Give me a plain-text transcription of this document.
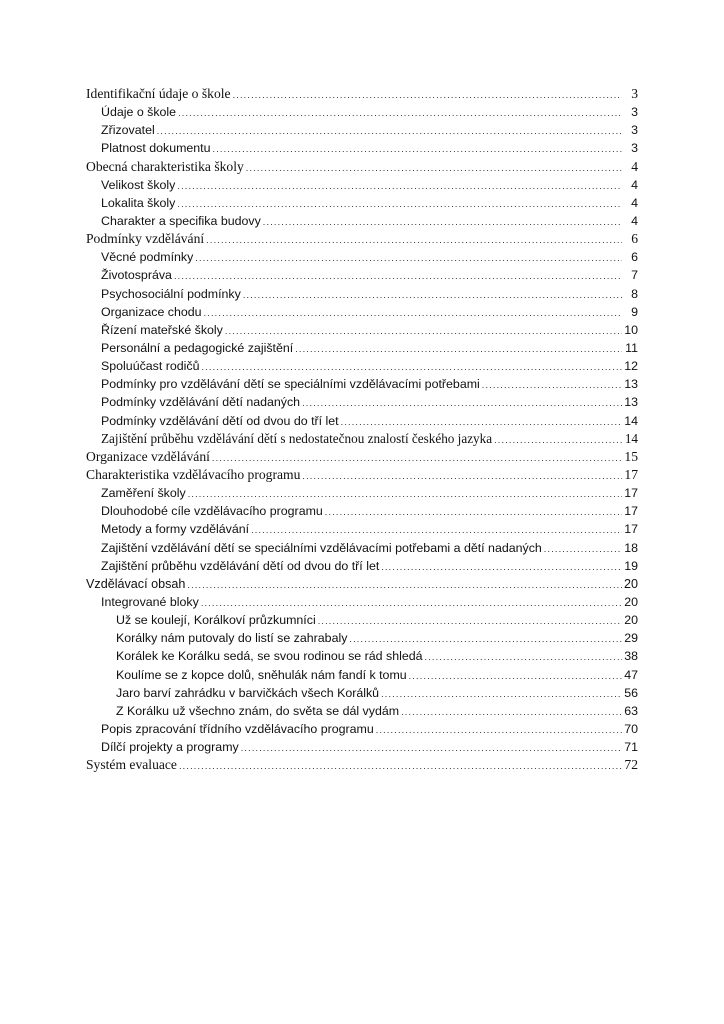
Identifikační údaje o škole .....	3
Údaje o škole .....	3
Zřizovatel .....	3
Platnost dokumentu .....	3
Obecná charakteristika školy .....	4
Velikost školy .....	4
Lokalita školy .....	4
Charakter a specifika budovy .....	4
Podmínky vzdělávání .....	6
Věcné podmínky .....	6
Životospráva .....	7
Psychosociální podmínky .....	8
Organizace chodu .....	9
Řízení mateřské školy .....	10
Personální a pedagogické zajištění .....	11
Spoluúčast rodičů .....	12
Podmínky pro vzdělávání dětí se speciálními vzdělávacími potřebami .....	13
Podmínky vzdělávání dětí nadaných .....	13
Podmínky vzdělávání dětí od dvou do tří let .....	14
Zajištění průběhu vzdělávání dětí s nedostatečnou znalostí českého jazyka .....	14
Organizace vzdělávání .....	15
Charakteristika vzdělávacího programu .....	17
Zaměření školy .....	17
Dlouhodobé cíle vzdělávacího programu .....	17
Metody a formy vzdělávání .....	17
Zajištění vzdělávání dětí se speciálními vzdělávacími potřebami a dětí nadaných .....	18
Zajištění průběhu vzdělávání dětí od dvou do tří let .....	19
Vzdělávací obsah .....	20
Integrované bloky .....	20
Už se koulejí, Korálkoví průzkumníci .....	20
Korálky nám putovaly do listí se zahrabaly .....	29
Korálek ke Korálku sedá, se svou rodinou se rád shledá .....	38
Koulíme se z kopce dolů, sněhulák nám fandí k tomu .....	47
Jaro barví zahrádku v barvičkách všech Korálků .....	56
Z Korálku už všechno znám, do světa se dál vydám .....	63
Popis zpracování třídního vzdělávacího programu .....	70
Dílčí projekty a programy .....	71
Systém evaluace .....	72
